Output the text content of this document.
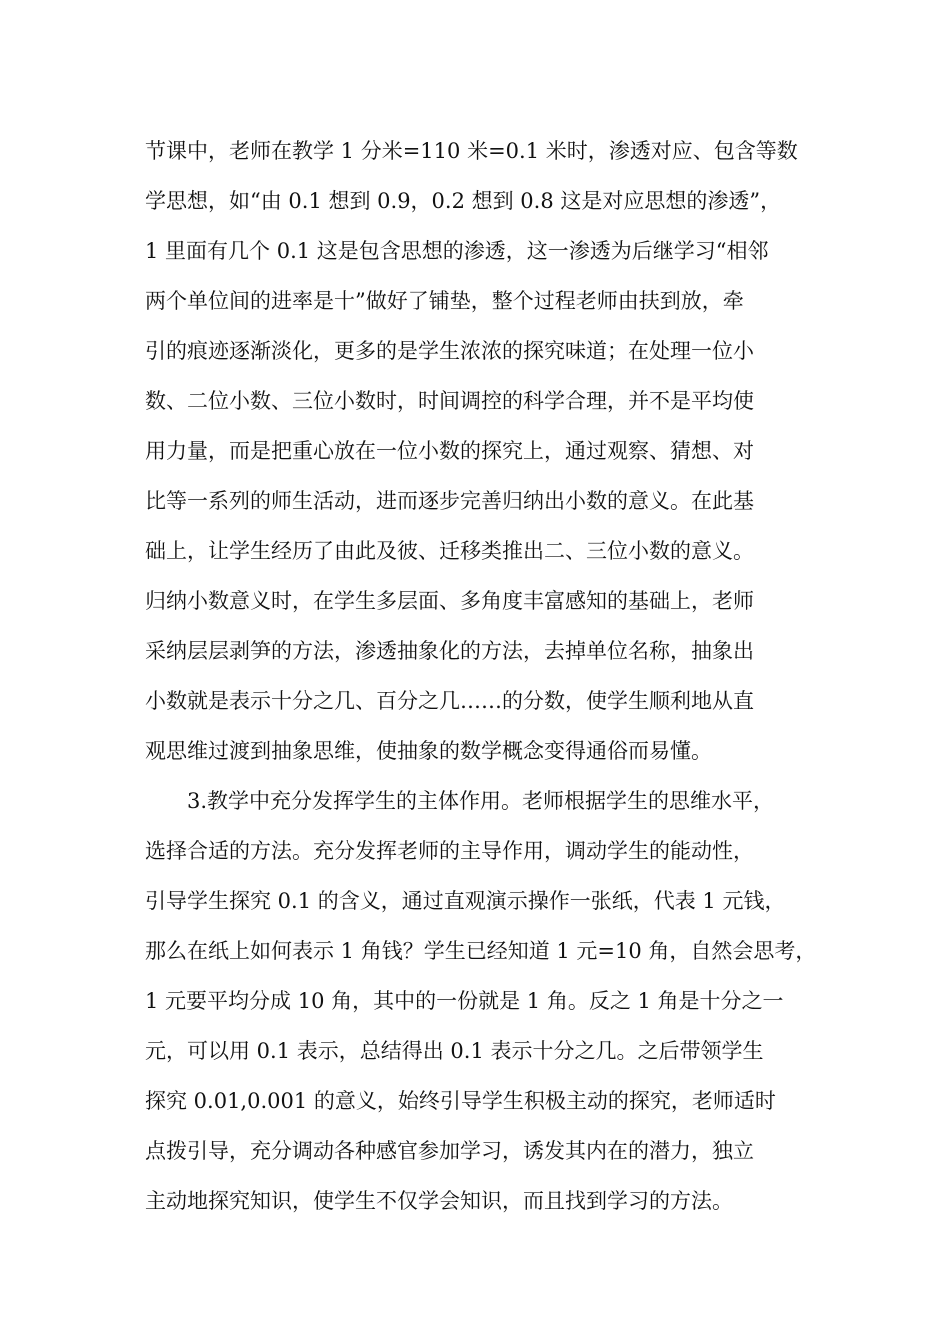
节课中，老师在教学 1 分米=110 米=0.1 米时，渗透对应、包含等数
学思想，如“由 0.1 想到 0.9，0.2 想到 0.8 这是对应思想的渗透”，
1 里面有几个 0.1 这是包含思想的渗透，这一渗透为后继学习“相邻
两个单位间的进率是十”做好了铺垫，整个过程老师由扶到放，牵
引的痕迹逐渐淡化，更多的是学生浓浓的探究味道；在处理一位小
数、二位小数、三位小数时，时间调控的科学合理，并不是平均使
用力量，而是把重心放在一位小数的探究上，通过观察、猜想、对
比等一系列的师生活动，进而逐步完善归纳出小数的意义。在此基
础上，让学生经历了由此及彼、迁移类推出二、三位小数的意义。
归纳小数意义时，在学生多层面、多角度丰富感知的基础上，老师
采纳层层剥笋的方法，渗透抽象化的方法，去掉单位名称，抽象出
小数就是表示十分之几、百分之几……的分数，使学生顺利地从直
观思维过渡到抽象思维，使抽象的数学概念变得通俗而易懂。
3.教学中充分发挥学生的主体作用。老师根据学生的思维水平，
选择合适的方法。充分发挥老师的主导作用，调动学生的能动性，
引导学生探究 0.1 的含义，通过直观演示操作一张纸，代表 1 元钱，
那么在纸上如何表示 1 角钱？学生已经知道 1 元=10 角，自然会思考，
1 元要平均分成 10 角，其中的一份就是 1 角。反之 1 角是十分之一
元，可以用 0.1 表示，总结得出 0.1 表示十分之几。之后带领学生
探究 0.01,0.001 的意义，始终引导学生积极主动的探究，老师适时
点拨引导，充分调动各种感官参加学习，诱发其内在的潜力，独立
主动地探究知识，使学生不仅学会知识，而且找到学习的方法。
